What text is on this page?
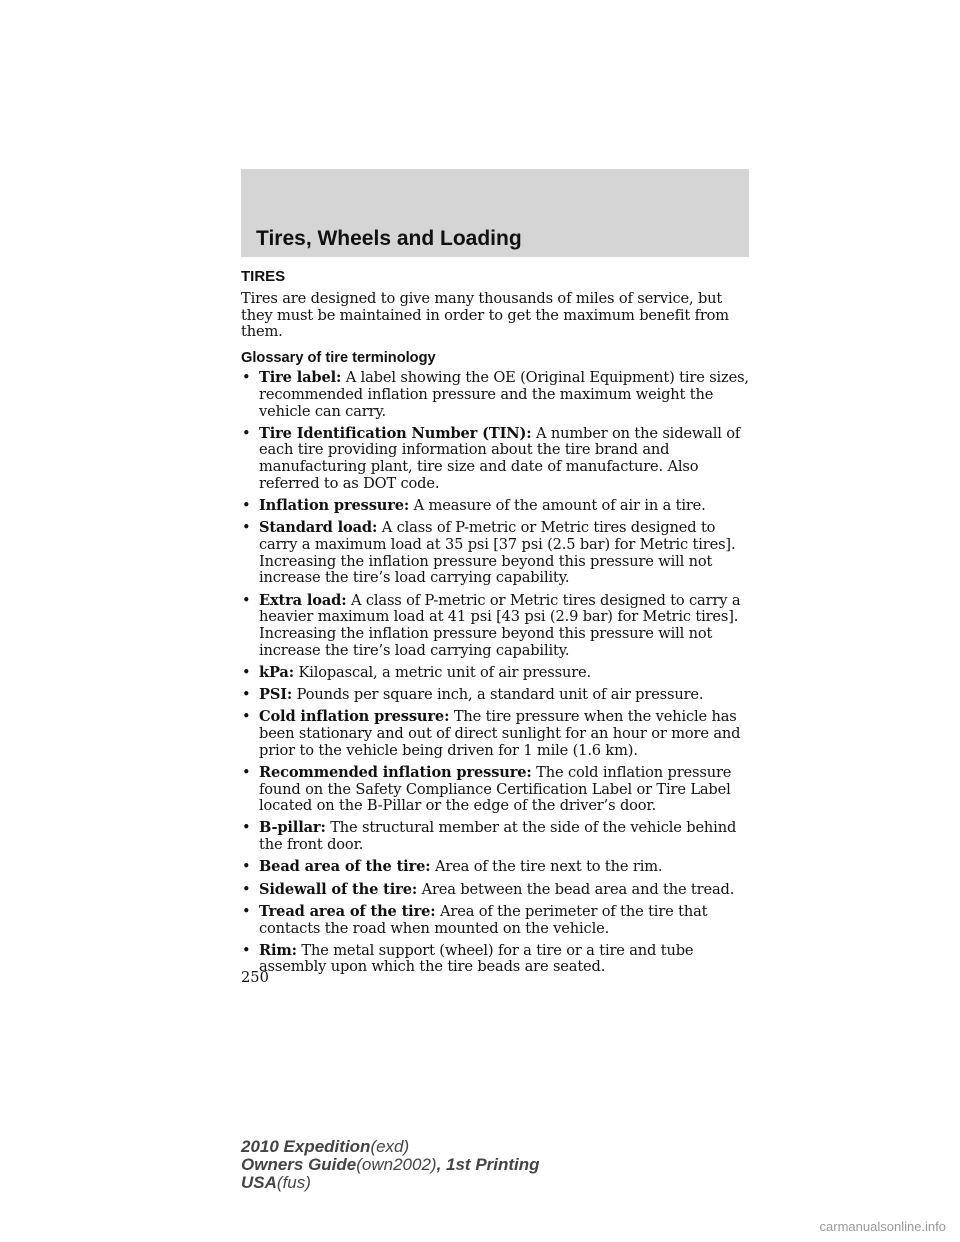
Tires, Wheels and Loading
TIRES

Tires are designed to give many thousands of miles of service, but they must be maintained in order to get the maximum benefit from them.

Glossary of tire terminology
• Tire label: A label showing the OE (Original Equipment) tire sizes, recommended inflation pressure and the maximum weight the vehicle can carry.
• Tire Identification Number (TIN): A number on the sidewall of each tire providing information about the tire brand and manufacturing plant, tire size and date of manufacture. Also referred to as DOT code.
• Inflation pressure: A measure of the amount of air in a tire.
• Standard load: A class of P-metric or Metric tires designed to carry a maximum load at 35 psi [37 psi (2.5 bar) for Metric tires]. Increasing the inflation pressure beyond this pressure will not increase the tire’s load carrying capability.
• Extra load: A class of P-metric or Metric tires designed to carry a heavier maximum load at 41 psi [43 psi (2.9 bar) for Metric tires]. Increasing the inflation pressure beyond this pressure will not increase the tire’s load carrying capability.
• kPa: Kilopascal, a metric unit of air pressure.
• PSI: Pounds per square inch, a standard unit of air pressure.
• Cold inflation pressure: The tire pressure when the vehicle has been stationary and out of direct sunlight for an hour or more and prior to the vehicle being driven for 1 mile (1.6 km).
• Recommended inflation pressure: The cold inflation pressure found on the Safety Compliance Certification Label or Tire Label located on the B-Pillar or the edge of the driver’s door.
• B-pillar: The structural member at the side of the vehicle behind the front door.
• Bead area of the tire: Area of the tire next to the rim.
• Sidewall of the tire: Area between the bead area and the tread.
• Tread area of the tire: Area of the perimeter of the tire that contacts the road when mounted on the vehicle.
• Rim: The metal support (wheel) for a tire or a tire and tube assembly upon which the tire beads are seated.
250
2010 Expedition(exd)
Owners Guide(own2002), 1st Printing
USA(fus)
carmanualsonline.info
